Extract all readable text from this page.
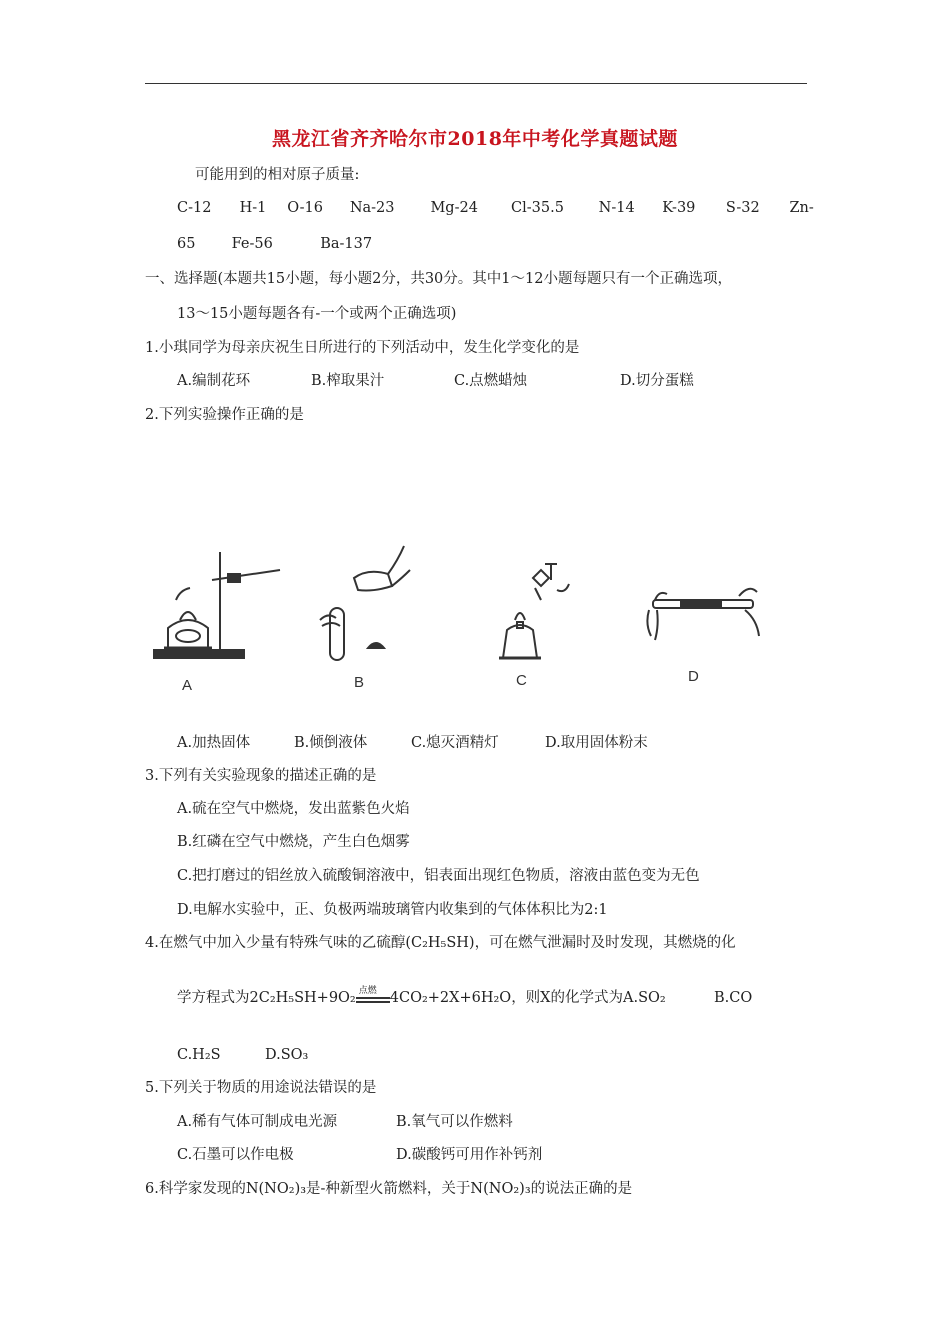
黑龙江省齐齐哈尔市2018年中考化学真题试题
可能用到的相对原子质量:
C-12 H-1 O-16 Na-23 Mg-24 Cl-35.5 N-14 K-39 S-32 Zn-
65 Fe-56	Ba-137
一、选择题(本题共15小题，每小题2分，共30分。其中1～12小题每题只有一个正确选项，
13～15小题每题各有-一个或两个正确选项)
1.小琪同学为母亲庆祝生日所进行的下列活动中，发生化学变化的是
A.编制花环	B.榨取果汁	C.点燃蜡烛	D.切分蛋糕
2.下列实验操作正确的是
A	B	C	D
A.加热固体	B.倾倒液体	C.熄灭酒精灯	D.取用固体粉末
3.下列有关实验现象的描述正确的是
A.硫在空气中燃烧，发出蓝紫色火焰
B.红磷在空气中燃烧，产生白色烟雾
C.把打磨过的铝丝放入硫酸铜溶液中，铝表面出现红色物质，溶液由蓝色变为无色
D.电解水实验中，正、负极两端玻璃管内收集到的气体体积比为2:1
4.在燃气中加入少量有特殊气味的乙硫醇(C₂H₅SH)，可在燃气泄漏时及时发现，其燃烧的化
学方程式为2C₂H₅SH+9O₂ 点燃 4CO₂+2X+6H₂O，则X的化学式为A.SO₂	B.CO
C.H₂S	D.SO₃
5.下列关于物质的用途说法错误的是
A.稀有气体可制成电光源	B.氧气可以作燃料
C.石墨可以作电极	D.碳酸钙可用作补钙剂
6.科学家发现的N(NO₂)₃是-种新型火箭燃料，关于N(NO₂)₃的说法正确的是
